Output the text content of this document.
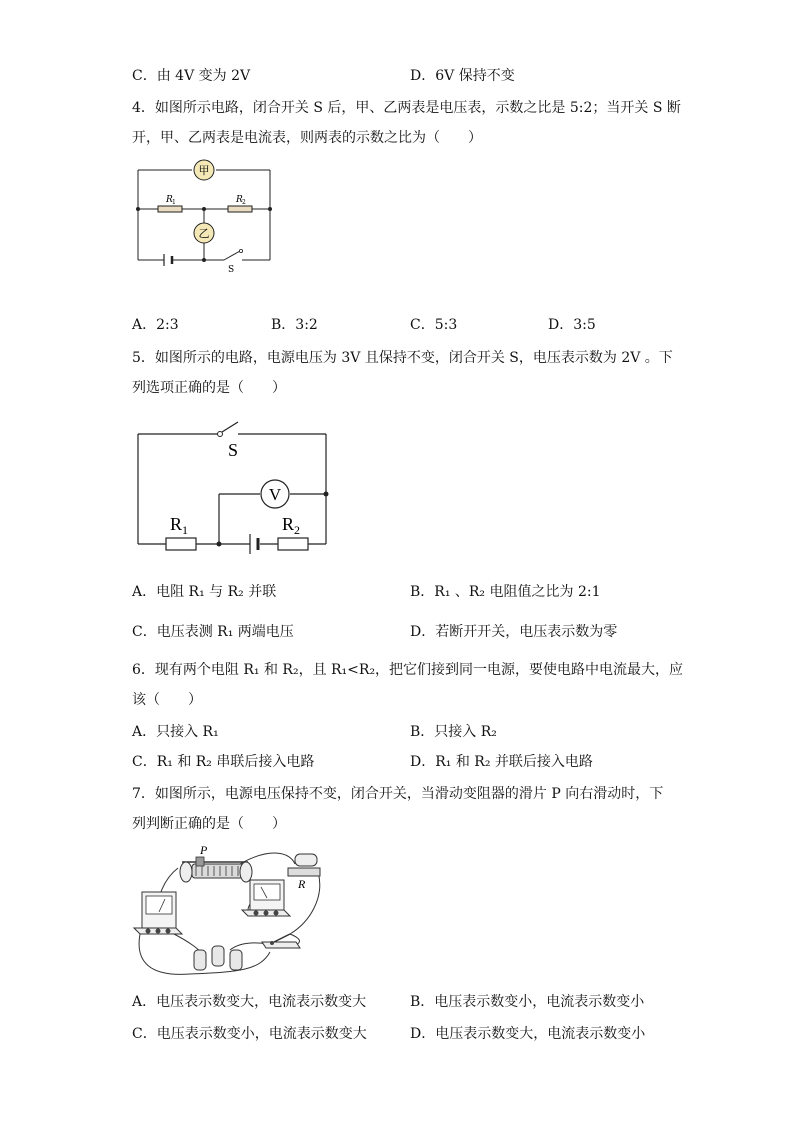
C．由 4V 变为 2V	D．6V 保持不变
4．如图所示电路，闭合开关 S 后，甲、乙两表是电压表，示数之比是 5:2；当开关 S 断
开，甲、乙两表是电流表，则两表的示数之比为（　　）
甲
乙
R 1	R 2
S
A．2:3	B．3:2	C．5:3	D．3:5
5．如图所示的电路，电源电压为 3V 且保持不变，闭合开关 S，电压表示数为 2V 。下
列选项正确的是（　　）
V
S
R 1	R 2
A．电阻 R₁ 与 R₂ 并联	B．R₁ 、R₂ 电阻值之比为 2:1
C．电压表测 R₁ 两端电压	D．若断开开关，电压表示数为零
6．现有两个电阻 R₁ 和 R₂，且 R₁<R₂，把它们接到同一电源，要使电路中电流最大，应
该（　　）
A．只接入 R₁	B．只接入 R₂
C．R₁ 和 R₂ 串联后接入电路	D．R₁ 和 R₂ 并联后接入电路
7．如图所示，电源电压保持不变，闭合开关，当滑动变阻器的滑片 P 向右滑动时，下
列判断正确的是（　　）
P
R
A．电压表示数变大，电流表示数变大	B．电压表示数变小，电流表示数变小
C．电压表示数变小，电流表示数变大	D．电压表示数变大，电流表示数变小
